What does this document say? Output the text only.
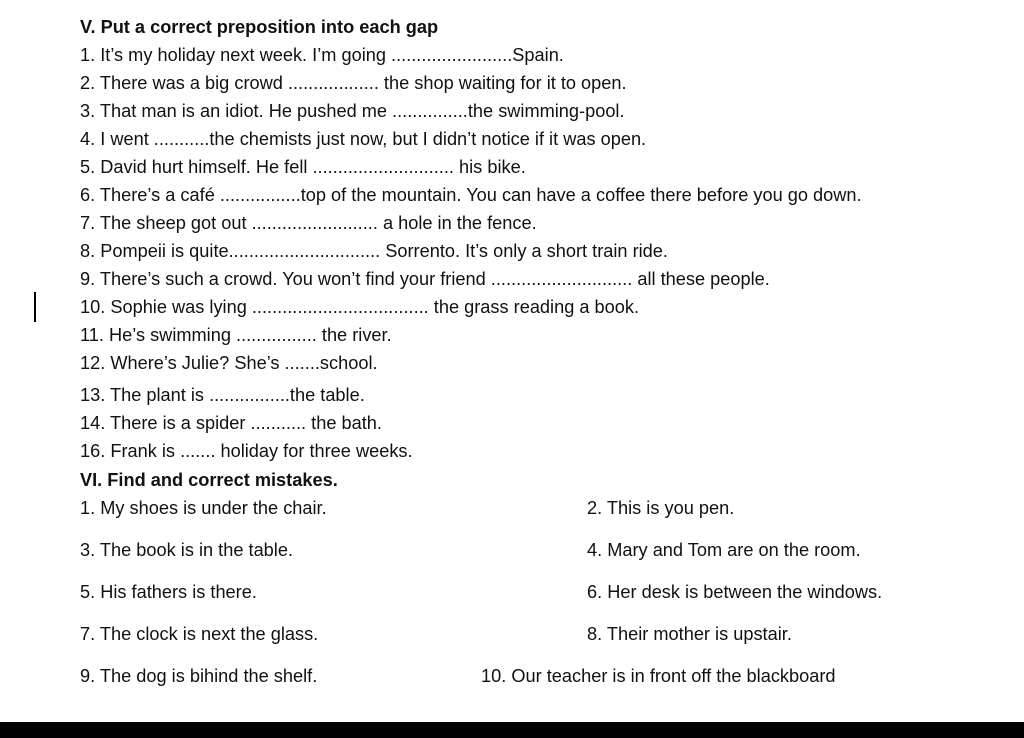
V. Put a correct preposition into each gap
1. It’s my holiday next week. I’m going ........................Spain.
2. There was a big crowd .................. the shop waiting for it to open.
3. That man is an idiot. He pushed me ...............the swimming-pool.
4. I went ...........the chemists just now, but I didn’t notice if it was open.
5. David hurt himself. He fell ............................ his bike.
6. There’s a café ................top of the mountain. You can have a coffee there before you go down.
7. The sheep got out ......................... a hole in the fence.
8. Pompeii is quite.............................. Sorrento. It’s only a short train ride.
9. There’s such a crowd. You won’t find your friend ............................ all these people.
10. Sophie was lying ................................... the grass reading a book.
11. He’s swimming ................ the river.
12. Where’s Julie? She’s .......school.
13. The plant is ................the table.
14. There is a spider ........... the bath.
16. Frank is ....... holiday for three weeks.
VI. Find and correct mistakes.
1. My shoes is under the chair.
3. The book is in the table.
5. His fathers is there.
7. The clock is next the glass.
9. The dog is bihind the shelf.
2. This is you pen.
4. Mary and Tom are on the room.
6. Her desk is between the windows.
8. Their mother is upstair.
10. Our teacher is in front off the blackboard
